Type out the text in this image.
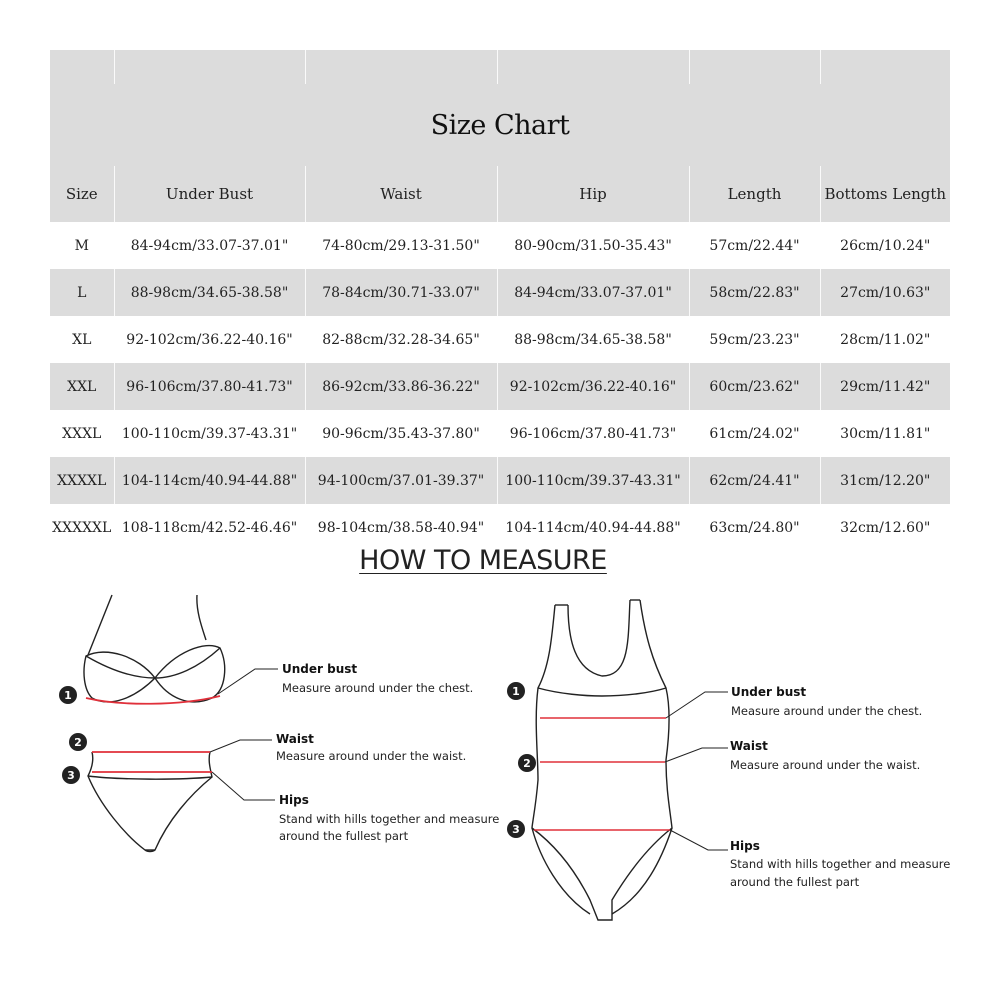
Size Chart					
Size	Under Bust	Waist	Hip	Length	Bottoms Length
M	84-94cm/33.07-37.01"	74-80cm/29.13-31.50"	80-90cm/31.50-35.43"	57cm/22.44"	26cm/10.24"
L	88-98cm/34.65-38.58"	78-84cm/30.71-33.07"	84-94cm/33.07-37.01"	58cm/22.83"	27cm/10.63"
XL	92-102cm/36.22-40.16"	82-88cm/32.28-34.65"	88-98cm/34.65-38.58"	59cm/23.23"	28cm/11.02"
XXL	96-106cm/37.80-41.73"	86-92cm/33.86-36.22"	92-102cm/36.22-40.16"	60cm/23.62"	29cm/11.42"
XXXL	100-110cm/39.37-43.31"	90-96cm/35.43-37.80"	96-106cm/37.80-41.73"	61cm/24.02"	30cm/11.81"
XXXXL	104-114cm/40.94-44.88"	94-100cm/37.01-39.37"	100-110cm/39.37-43.31"	62cm/24.41"	31cm/12.20"
XXXXXL	108-118cm/42.52-46.46"	98-104cm/38.58-40.94"	104-114cm/40.94-44.88"	63cm/24.80"	32cm/12.60"
HOW TO MEASURE
1
2
3
Under bust
Measure around under the chest.
Waist
Measure around under the waist.
Hips
Stand with hills together and measure
around the fullest part
1
2
3
Under bust
Measure around under the chest.
Waist
Measure around under the waist.
Hips
Stand with hills together and measure
around the fullest part
